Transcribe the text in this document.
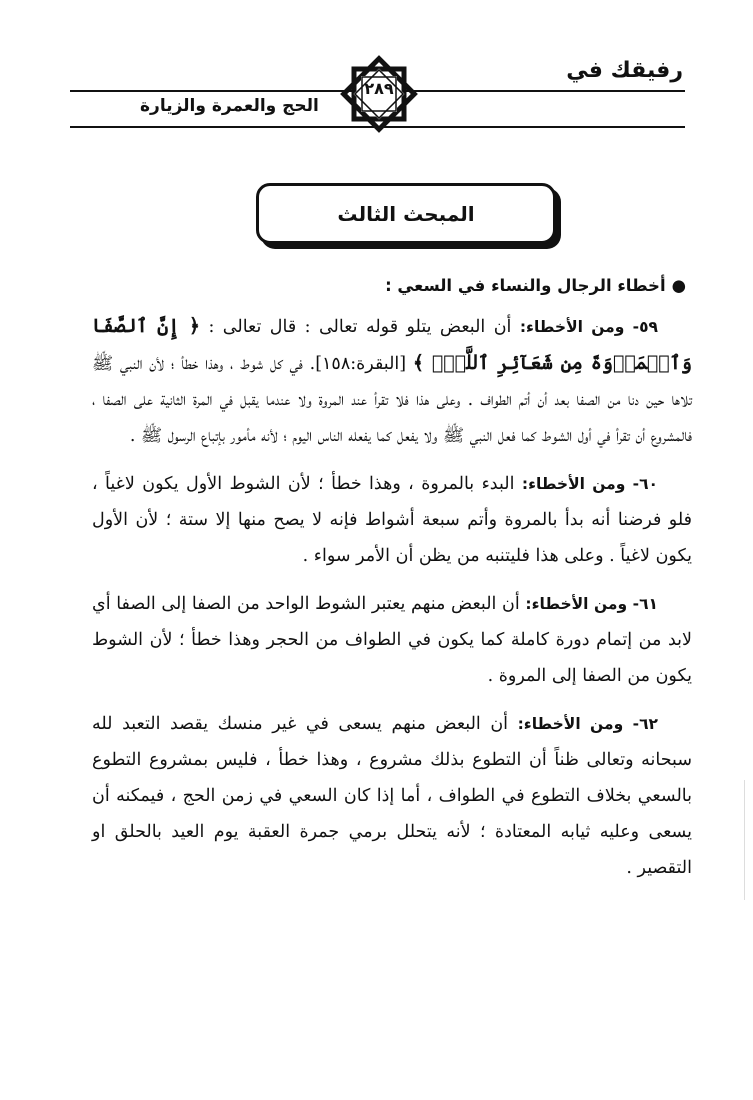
رفيقك في
الحج والعمرة والزيارة
٢٨٩
المبحث الثالث
●أخطاء الرجال والنساء في السعي :

٥٩- ومن الأخطاء: أن البعض يتلو قوله تعالى : قال تعالى : ﴿ إِنَّ ٱلصَّفَا وَٱلۡمَرۡوَةَ مِن شَعَآئِرِ ٱللَّهِۖ ﴾ [البقرة:١٥٨]. في كل شوط ، وهذا خطأ ؛ لأن النبي ﷺ تلاها حين دنا من الصفا بعد أن أتم الطواف . وعلى هذا فلا تقرأ عند المروة ولا عندما يقبل في المرة الثانية على الصفا ، فالمشروع أن تقرأ في أول الشوط كما فعل النبي ﷺ ولا يفعل كما يفعله الناس اليوم ؛ لأنه مأمور بإتباع الرسول ﷺ .

٦٠- ومن الأخطاء: البدء بالمروة ، وهذا خطأ ؛ لأن الشوط الأول يكون لاغياً ، فلو فرضنا أنه بدأ بالمروة وأتم سبعة أشواط فإنه لا يصح منها إلا ستة ؛ لأن الأول يكون لاغياً . وعلى هذا فليتنبه من يظن أن الأمر سواء .

٦١- ومن الأخطاء: أن البعض منهم يعتبر الشوط الواحد من الصفا إلى الصفا أي لابد من إتمام دورة كاملة كما يكون في الطواف من الحجر وهذا خطأ ؛ لأن الشوط يكون من الصفا إلى المروة .

٦٢- ومن الأخطاء: أن البعض منهم يسعى في غير منسك يقصد التعبد لله سبحانه وتعالى ظناً أن التطوع بذلك مشروع ، وهذا خطأ ، فليس بمشروع التطوع بالسعي بخلاف التطوع في الطواف ، أما إذا كان السعي في زمن الحج ، فيمكنه أن يسعى وعليه ثيابه المعتادة ؛ لأنه يتحلل برمي جمرة العقبة يوم العيد بالحلق او التقصير .
